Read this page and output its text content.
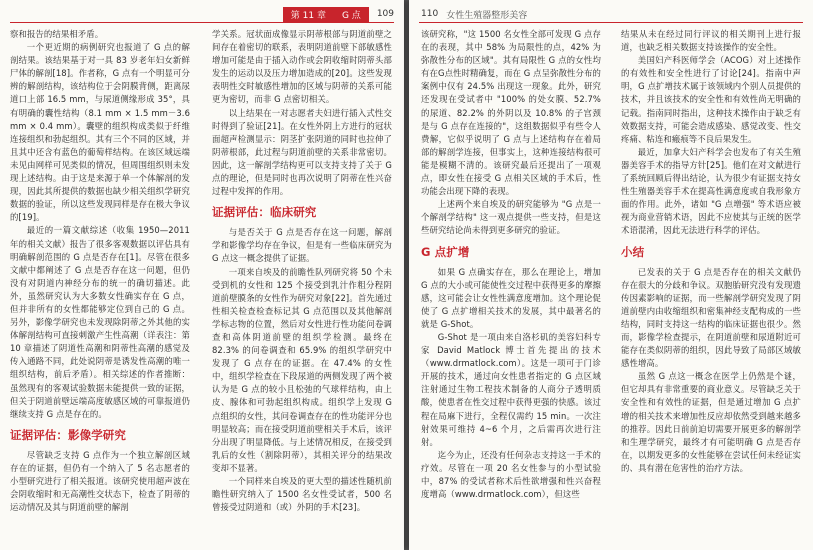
第 11 章	G 点	109

察和报告的结果相矛盾。

一个更近期的病例研究也报道了 G 点的解剖结果。该结果基于对一具 83 岁老年妇女新鲜尸体的解剖[18]。作者称，G 点有一个明显可分辨的解剖结构，该结构位于会阴膜背侧，距离尿道口上部 16.5 mm，与尿道侧缘形成 35°，具有明确的囊性结构（8.1 mm × 1.5 mm－3.6 mm × 0.4 mm）。囊壁的组织构成类似于纤维连接组织和勃起组织。其有三个不同的区域，并且其中还含有蓝色的葡萄样结构。在该区域远端未见由网样可见类似的情况，但周围组织则未发现上述结构。由于这是来源于单一个体解剖的发现，因此其所提供的数据也缺少相关组织学研究数据的验证，所以这些发现同样是存在极大争议的[19]。

最近的一篇文献综述（收集 1950—2011 年的相关文献）报告了很多客观数据以评估具有明确解剖范围的 G 点是否存在[1]。尽管在很多文献中都阐述了 G 点是否存在这一问题，但仍没有对阴道内神经分布的统一的确切描述。此外，虽然研究认为大多数女性确实存在 G 点，但并非所有的女性都能够定位到自己的 G 点。另外，影像学研究也未发现除阴蒂之外其他的实体解剖结构可直接刺激产生性高潮（详表注：第 10 章描述了阴道性高潮和阴蒂性高潮的感觉及传入通路不同，此处说阴蒂是诱发性高潮的唯一组织结构，前后矛盾）。相关综述的作者推断：虽然现有的客观试验数据未能提供一致的证据，但关于阴道前壁远端高度敏感区域的可靠报道仍继续支持 G 点是存在的。

证据评估：影像学研究

尽管缺乏支持 G 点作为一个独立解剖区域存在的证据，但仍有一个纳入了 5 名志愿者的小型研究进行了相关报道。该研究使用超声波在会阴收缩时和无高潮性交状态下，检查了阴蒂的运动情况及其与阴道前壁的解剖

学关系。冠状面成像显示阴蒂根部与阴道前壁之间存在着密切的联系，表明阴道前壁下部敏感性增加可能是由于插入动作或会阴收缩时阴蒂头部发生的运动以及压力增加造成的[20]。这些发现表明性交时敏感性增加的区域与阴蒂的关系可能更为密切，而非 G 点密切相关。

以上结果在一对志愿者夫妇进行插入式性交时得到了验证[21]。在女性外阴上方进行的冠状面超声检测显示：阴茎扩张阴道的同时也拉伸了阴蒂根部，此过程与阴道前壁的关系非常密切。因此，这一解剖学结构更可以支持支持了关于 G 点的理论，但是同时也再次说明了阴蒂在性兴奋过程中发挥的作用。

证据评估：临床研究

与是否关于 G 点是否存在这一问题，解剖学和影像学均存在争议，但是有一些临床研究为 G 点这一概念提供了证据。

一项来自埃及的前瞻性队列研究将 50 个未受到机的女性和 125 个接受到乳汁作粗分程阴道前壁膜条的女性作为研究对象[22]。首先通过性相关检查检查标记其 G 点范围以及其他解剖学标志物的位置，然后对女性进行性功能问卷调查和高体阴道前壁的组织学检测。最终在 82.3% 的问卷调查和 65.9% 的组织学研究中发现了 G 点存在的证据。在 47.4% 的女性中，组织学检查在下段尿道的两侧发现了两个被认为是 G 点的较小且松弛的气球样结构，由上皮、腺体和可勃起组织构成。组织学上发现 G 点组织的女性，其问卷调查存在的性功能评分也明显较高；而在接受阴道前壁相关手术后，该评分出现了明显降低。与上述情况相反，在接受到乳后的女性（割除阴蒂），其相关评分的结果改变却不显著。

一个同样来自埃及的更大型的描述性随机前瞻性研究纳入了 1500 名女性受试者，500 名曾接受过阴道和（或）外阴的手术[23]。

110 女性生殖器整形美容

该研究称，"这 1500 名女性全部可发现 G 点存在的表现，其中 58% 为局限性的点，42% 为弥散性分布的区域"。其有局限性 G 点的女性均有在G点性时精确复，而在 G 点呈弥散性分布的案例中仅有 24.5% 出现这一现象。此外，研究还发现在受试者中 "100% 的处女膜、52.7% 的尿道、82.2% 的外阴以及 10.8% 的子宫颈是与 G 点存在连接的"，这组数据似乎有些令人费解，它似乎说明了 G 点与上述结构存在着局部的解剖学连接，但事实上，这种连接结构很可能是模糊不清的。该研究最后还提出了一项观点，即女性在接受 G 点相关区域的手术后，性功能会出现下降的表现。

上述两个来自埃及的研究能够为 "G 点是一个解剖学结构" 这一观点提供一些支持，但是这些研究结论尚未得到更多研究的验证。

G 点扩增

如果 G 点确实存在，那么在理论上，增加 G 点的大小或可能使性交过程中获得更多的摩擦感，这可能会让女性性满意度增加。这个理论促使了 G 点扩增相关技术的发展，其中最著名的就是 G-Shot。

G-Shot 是一项由来自洛杉矶的美容妇科专家 David Matlock 博士首先提出的技术（www.drmatlock.com）。这是一项可于门诊开展的技术，通过向女性患者指定的 G 点区域注射通过生物工程技术制备的人商分子透明质酸，使患者在性交过程中获得更强的快感。该过程在局麻下进行，全程仅需约 15 min。一次注射效果可维持 4~6 个月，之后需再次进行注射。

迄今为止，还没有任何杂志支持这一手术的疗效。尽管在一项 20 名女性参与的小型试验中，87% 的受试者称术后性欲增强和性兴奋程度增高（www.drmatlock.com），但这些

结果从未在经过同行评议的相关期刊上进行报道，也缺乏相关数据支持该操作的安全性。

美国妇产科医师学会（ACOG）对上述操作的有效性和安全性进行了讨论[24]。指南中声明，G 点扩增技术属于该领域内个别人员提供的技术，并且该技术的安全性和有效性尚无明确的记载。指南同时指出，这种技术操作由于缺乏有效数据支持，可能会造成感染、感觉改变、性交疼痛、粘连和瘢痕等不良后果发生。

最近，加拿大妇产科学会也发布了有关生殖器美容手术的指导方针[25]。他们在对文献进行了系统回顾后得出结论，认为很少有证据支持女性生殖器美容手术在提高性满意度或自我形象方面的作用。此外，诸如 "G 点增强" 等术语应被视为商业营销术语，因此不应使其与正统的医学术语混淆，因此无法进行科学的评估。

小结

已发表的关于 G 点是否存在的相关文献仍存在很大的分歧和争议。双胞胎研究没有发现遗传因素影响的证据，而一些解剖学研究发现了阴道前壁内由收缩组织和密集神经支配构成的一些结构，同时支持这一结构的临床证据也很少。然而，影像学检查提示，在阴道前壁和尿道附近可能存在类似阴蒂的组织，因此导致了局部区域敏感性增高。

虽然 G 点这一概念在医学上仍然是个谜，但它却具有非常重要的商业意义。尽管缺乏关于安全性和有效性的证据，但是通过增加 G 点扩增的相关技术来增加性反应却依然受到越来越多的推荐。因此日前前迫切需要开展更多的解剖学和生理学研究，最终才有可能明确 G 点是否存在，以期发更多的女性能够在尝试任何未经证实的、具有潜在危害性的治疗方法。
